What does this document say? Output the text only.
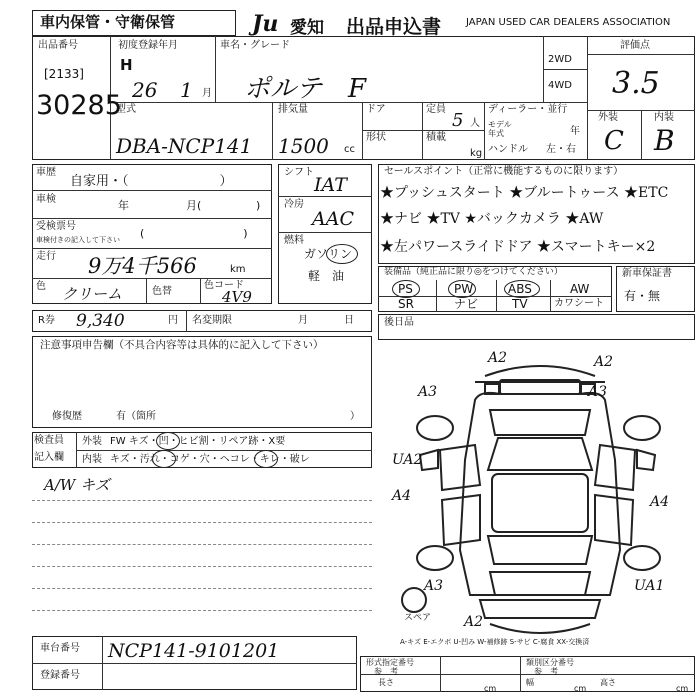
車内保管・守衛保管	Ju 愛知 出品申込書 JAPAN USED CAR DEALERS ASSOCIATION
出品番号
[2133]
30285
初度登録年月
H
26 1 月
車名・グレード
ポルテ　F
2WD
4WD
評価点
3.5
外装	内装
C B
型式
DBA-NCP141
排気量
1500 cc
ドア
形状
定員
5 人
積載
kg
ディーラー・並行
モデル
年式	年
ハンドル 左・右
車歴
自家用・（　　　　　　　）
車検	年	月(	)
受検票号
車検付きの記入して下さい (　　　　　　　　　)
走行 9万4千566	km
色 クリーム	色替
色コード
4V9
R券 9,340	円 名変期限	月	日
シフト
IAT
冷房
AAC
燃料
ガソリン
軽　油
セールスポイント（正常に機能するものに限ります）
★プッシュスタート ★ブルートゥース ★ETC
★ナビ ★TV ★バックカメラ ★AW
★左パワースライドドア ★スマートキー×2
装備品（純正品に限り◎をつけてください）
PS	PW	ABS	AW
SR	ナビ	TV	カワシート
新車保証書
有・無
注意事項申告欄（不具合内容等は具体的に記入して下さい）
修復歴	有（箇所	）
後日品
検査員
記入欄
外装 FW キズ・凹・ヒビ割・リペア跡・X要
内装 キズ・汚れ・コゲ・穴・ヘコレ・キレ・破レ
A/W キズ
A2	A2
A3	A3
UA2
A4	A4
A3	UA1
A2
スペア
A-キズ E-エクボ U-凹み W-補修跡 S-サビ C-腐食 XX-交換済
車台番号 NCP141-9101201
登録番号
形式指定番号
参　考
類別区分番号
参　考
長さ
cm
幅
cm
高さ
cm
